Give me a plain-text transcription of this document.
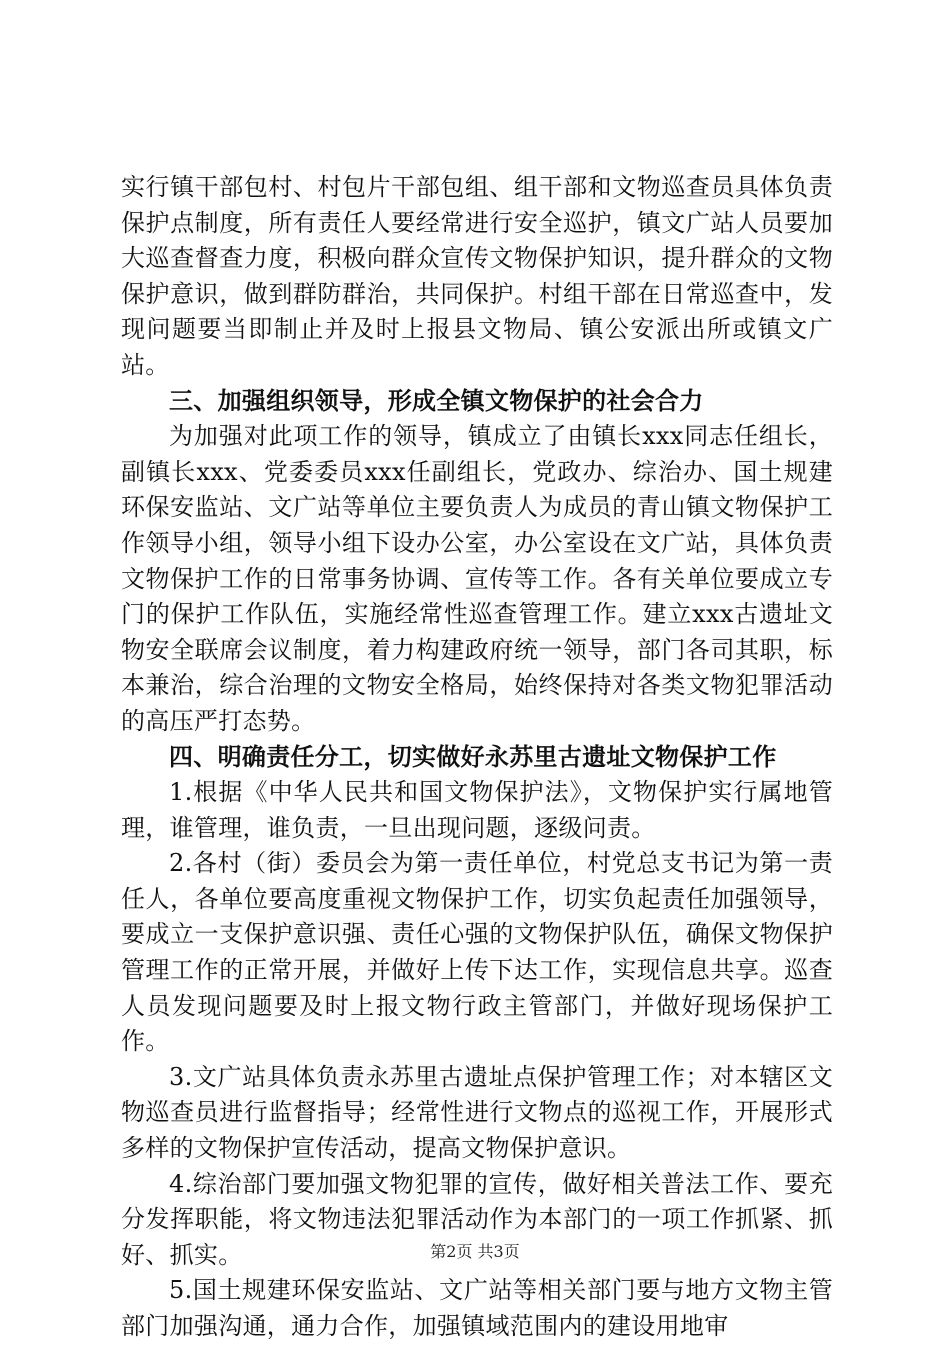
实行镇干部包村、村包片干部包组、组干部和文物巡查员具体负责保护点制度，所有责任人要经常进行安全巡护，镇文广站人员要加大巡查督查力度，积极向群众宣传文物保护知识，提升群众的文物保护意识，做到群防群治，共同保护。村组干部在日常巡查中，发现问题要当即制止并及时上报县文物局、镇公安派出所或镇文广站。

三、加强组织领导，形成全镇文物保护的社会合力

为加强对此项工作的领导，镇成立了由镇长xxx同志任组长，副镇长xxx、党委委员xxx任副组长，党政办、综治办、国土规建环保安监站、文广站等单位主要负责人为成员的青山镇文物保护工作领导小组，领导小组下设办公室，办公室设在文广站，具体负责文物保护工作的日常事务协调、宣传等工作。各有关单位要成立专门的保护工作队伍，实施经常性巡查管理工作。建立xxx古遗址文物安全联席会议制度，着力构建政府统一领导，部门各司其职，标本兼治，综合治理的文物安全格局，始终保持对各类文物犯罪活动的高压严打态势。

四、明确责任分工，切实做好永苏里古遗址文物保护工作

1.根据《中华人民共和国文物保护法》，文物保护实行属地管理，谁管理，谁负责，一旦出现问题，逐级问责。

2.各村（街）委员会为第一责任单位，村党总支书记为第一责任人，各单位要高度重视文物保护工作，切实负起责任加强领导，要成立一支保护意识强、责任心强的文物保护队伍，确保文物保护管理工作的正常开展，并做好上传下达工作，实现信息共享。巡查人员发现问题要及时上报文物行政主管部门，并做好现场保护工作。

3.文广站具体负责永苏里古遗址点保护管理工作；对本辖区文物巡查员进行监督指导；经常性进行文物点的巡视工作，开展形式多样的文物保护宣传活动，提高文物保护意识。

4.综治部门要加强文物犯罪的宣传，做好相关普法工作、要充分发挥职能，将文物违法犯罪活动作为本部门的一项工作抓紧、抓好、抓实。

5.国土规建环保安监站、文广站等相关部门要与地方文物主管部门加强沟通，通力合作，加强镇域范围内的建设用地审

第2页 共3页
